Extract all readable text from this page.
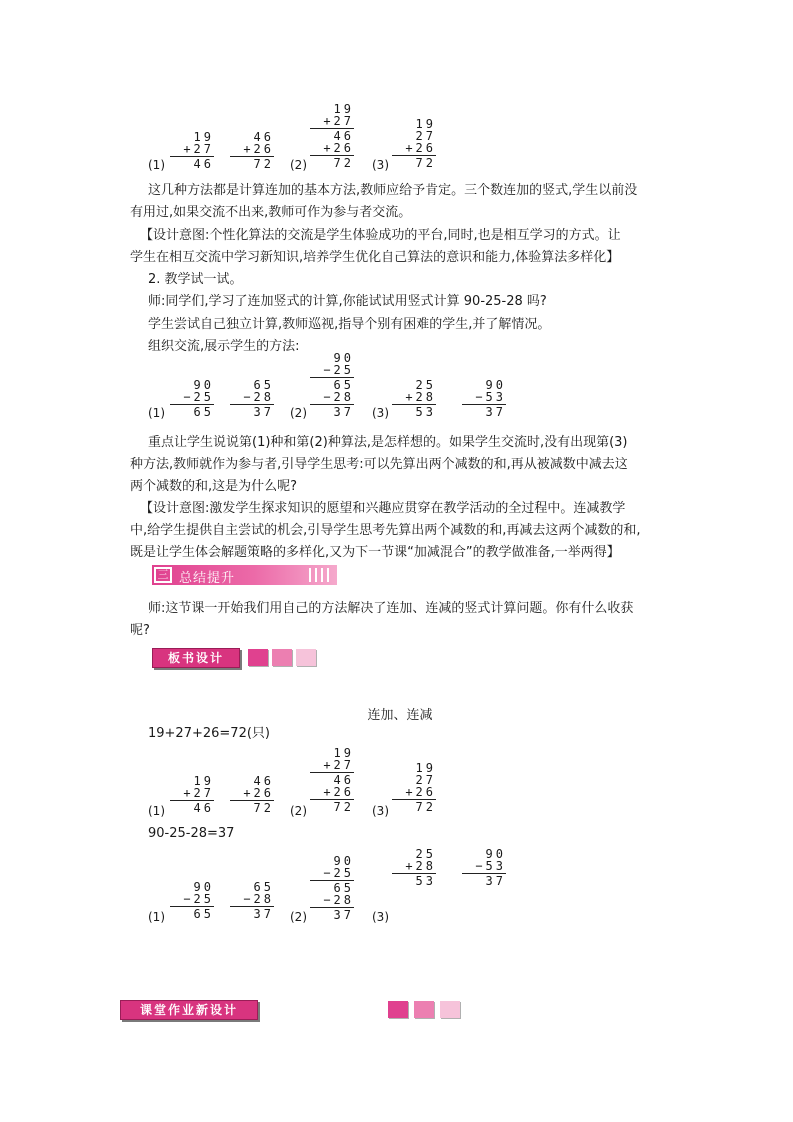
(1)
19
+27
46
46
+26
72 (2)
19
+27
46
+26
72 (3)
19
27
+26
72
这几种方法都是计算连加的基本方法,教师应给予肯定。三个数连加的竖式,学生以前没
有用过,如果交流不出来,教师可作为参与者交流。
【设计意图:个性化算法的交流是学生体验成功的平台,同时,也是相互学习的方式。让
学生在相互交流中学习新知识,培养学生优化自己算法的意识和能力,体验算法多样化】
2. 教学试一试。
师:同学们,学习了连加竖式的计算,你能试试用竖式计算 90-25-28 吗?
学生尝试自己独立计算,教师巡视,指导个别有困难的学生,并了解情况。
组织交流,展示学生的方法:
(1)
90
−25
65
65
−28
37 (2)
90
−25
65
−28
37 (3)
25
+28
53
90
−53
37
重点让学生说说第(1)种和第(2)种算法,是怎样想的。如果学生交流时,没有出现第(3)
种方法,教师就作为参与者,引导学生思考:可以先算出两个减数的和,再从被减数中减去这
两个减数的和,这是为什么呢?
【设计意图:激发学生探求知识的愿望和兴趣应贯穿在教学活动的全过程中。连减教学
中,给学生提供自主尝试的机会,引导学生思考先算出两个减数的和,再减去这两个减数的和,
既是让学生体会解题策略的多样化,又为下一节课“加减混合”的教学做准备,一举两得】
三 总结提升
师:这节课一开始我们用自己的方法解决了连加、连减的竖式计算问题。你有什么收获
呢?
板书设计
连加、连减
19+27+26=72(只)
(1)
19
+27
46
46
+26
72 (2)
19
+27
46
+26
72 (3)
19
27
+26
72
90-25-28=37
(1)
90
−25
65
65
−28
37 (2)
90
−25
65
−28
37 (3)
25
+28
53
90
−53
37
课堂作业新设计
